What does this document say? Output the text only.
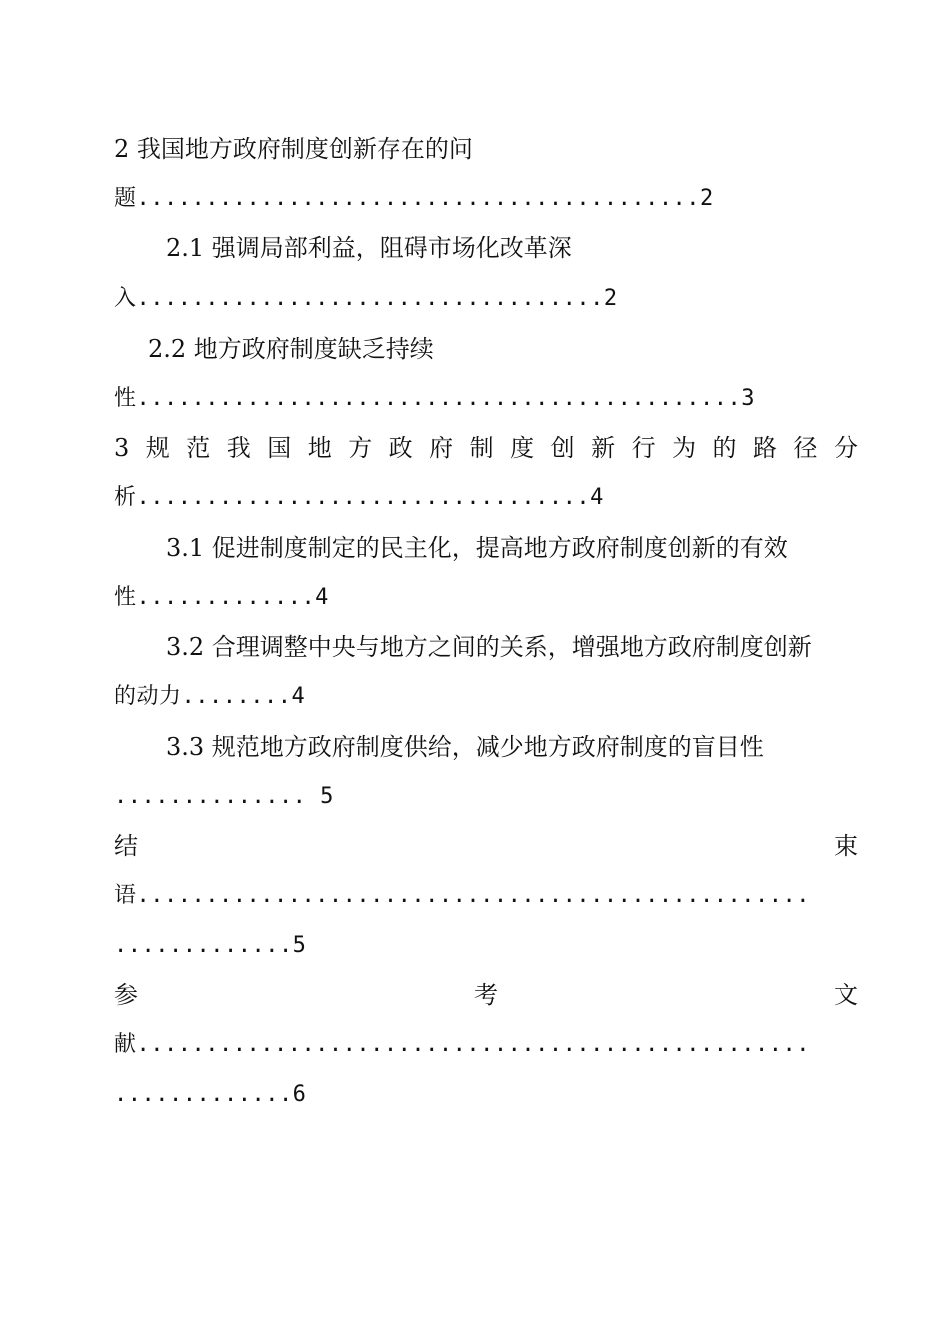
2 我国地方政府制度创新存在的问
题.........................................2
2.1 强调局部利益，阻碍市场化改革深
入..................................2
2.2 地方政府制度缺乏持续
性............................................3
3 规 范 我 国 地 方 政 府 制 度 创 新 行 为 的 路 径 分
析.................................4
3.1 促进制度制定的民主化，提高地方政府制度创新的有效
性.............4
3.2 合理调整中央与地方之间的关系，增强地方政府制度创新
的动力........4
3.3 规范地方政府制度供给，减少地方政府制度的盲目性
.............. 5
结	束
语.................................................
.............5
参	考	文
献.................................................
.............6
